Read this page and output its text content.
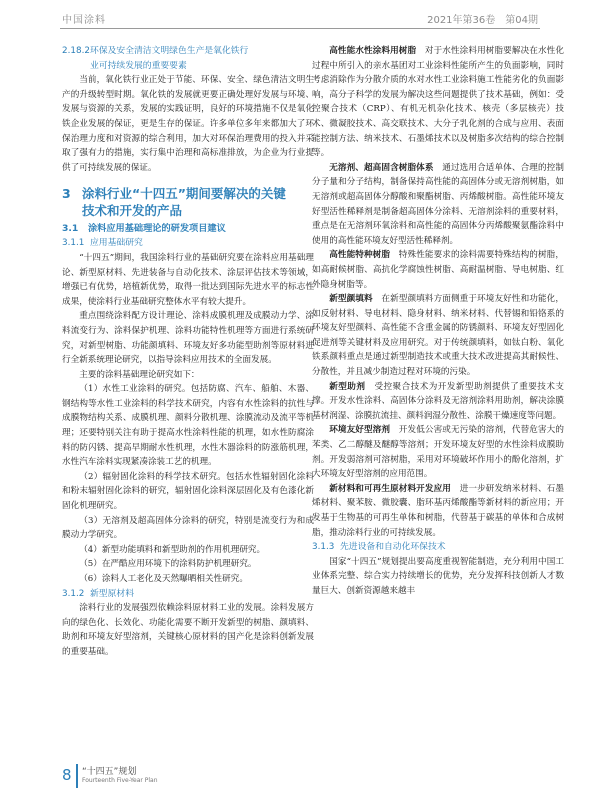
中国涂料	2021年第36卷　第04期
2.18.2环保及安全清洁文明绿色生产是氧化铁行
业可持续发展的重要要素

当前，氧化铁行业正处于节能、环保、安全、绿色清洁文明生产的升级转型时期。氧化铁的发展就更要正确处理好发展与环境、发展与资源的关系，发展的实践证明，良好的环境措施不仅是氧化铁企业发展的保证，更是生存的保证。许多单位多年来都加大了环保治理力度和对资源的综合利用，加大对环保治理费用的投入并采取了强有力的措施，实行集中治理和高标准排放，为企业为行业提供了可持续发展的保证。

3 涂料行业“十四五”期间要解决的关键
技术和开发的产品
3.1 涂料应用基础理论的研发项目建议
3.1.1 应用基础研究

“十四五”期间，我国涂料行业的基础研究要在涂料应用基础理论、新型原材料、先进装备与自动化技术、涂层评估技术等领域，增强已有优势，培植新优势，取得一批达到国际先进水平的标志性成果，使涂料行业基础研究整体水平有较大提升。

重点围绕涂料配方设计理论、涂料成膜机理及成膜动力学、涂料流变行为、涂料保护机理、涂料功能特性机理等方面进行系统研究，对新型树脂、功能颜填料、环境友好多功能型助剂等原材料进行全新系统理论研究，以指导涂料应用技术的全面发展。

主要的涂料基础理论研究如下：

（1）水性工业涂料的研究。包括防腐、汽车、船舶、木器、钢结构等水性工业涂料的科学技术研究，内容有水性涂料的抗性与成膜物结构关系、成膜机理、颜料分散机理、涂膜流动及流平等机理；还要特别关注有助于提高水性涂料性能的机理，如水性防腐涂料的防闪锈、提高早期耐水性机理，水性木器涂料的防涨筋机理，水性汽车涂料实现紧凑涂装工艺的机理。

（2）辐射固化涂料的科学技术研究。包括水性辐射固化涂料和粉末辐射固化涂料的研究，辐射固化涂料深层固化及有色漆化新固化机理研究。

（3）无溶剂及超高固体分涂料的研究，特别是流变行为和成膜动力学研究。

（4）新型功能填料和新型助剂的作用机理研究。

（5）在严酷应用环境下的涂料防护机理研究。

（6）涂料人工老化及天然曝晒相关性研究。

3.1.2 新型原材料

涂料行业的发展强烈依赖涂料原材料工业的发展。涂料发展方向的绿色化、长效化、功能化需要不断开发新型的树脂、颜填料、助剂和环境友好型溶剂，关键核心原材料的国产化是涂料创新发展的重要基础。

高性能水性涂料用树脂　 对于水性涂料用树脂要解决在水性化过程中所引入的亲水基团对工业涂料性能所产生的负面影响，同时考虑消除作为分散介质的水对水性工业涂料施工性能劣化的负面影响，高分子科学的发展为解决这些问题提供了技术基础，例如：受控聚合技术（CRP）、有机无机杂化技术、核壳（多层核壳）技术、微凝胶技术、高交联技术、大分子乳化剂的合成与应用、表面能控制方法、纳米技术、石墨烯技术以及树脂多次结构的综合控制等。

无溶剂、超高固含树脂体系　 通过选用合适单体、合理的控制分子量和分子结构，制备保持高性能的高固体分或无溶剂树脂，如无溶剂或超高固体分醇酸和聚酯树脂、丙烯酸树脂。高性能环境友好型活性稀释剂是制备超高固体分涂料、无溶剂涂料的重要材料，重点是在无溶剂环氧涂料和高性能的高固体分丙烯酸聚氨酯涂料中使用的高性能环境友好型活性稀释剂。

高性能特种树脂　 特殊性能要求的涂料需要特殊结构的树脂，如高耐候树脂、高抗化学腐蚀性树脂、高耐温树脂、导电树脂、红外隐身树脂等。

新型颜填料　 在新型颜填料方面侧重于环境友好性和功能化，如反射材料、导电材料、隐身材料、纳米材料、代替锡和铅铬系的环境友好型颜料、高性能不含重金属的防锈颜料、环境友好型固化促进剂等关键材料及应用研究。对于传统颜填料，如钛白粉、氧化铁系颜料重点是通过新型制造技术或重大技术改进提高其耐候性、分散性，并且减少制造过程对环境的污染。

新型助剂　 受控聚合技术为开发新型助剂提供了重要技术支撑。开发水性涂料、高固体分涂料及无溶剂涂料用助剂，解决涂膜基材润湿、涂膜抗流挂、颜料润湿分散性、涂膜干燥速度等问题。

环境友好型溶剂　 开发低公害或无污染的溶剂，代替危害大的苯类、乙二醇醚及醚醇等溶剂；开发环境友好型的水性涂料成膜助剂。开发弱溶剂可溶树脂，采用对环境破坏作用小的酚化溶剂，扩大环境友好型溶剂的应用范围。

新材料和可再生原材料开发应用　 进一步研发纳米材料、石墨烯材料、聚苯胺、微胶囊、脂环基丙烯酸酯等新材料的新应用；开发基于生物基的可再生单体和树脂，代替基于碳基的单体和合成树脂，推动涂料行业的可持续发展。

3.1.3 先进设备和自动化环保技术

国家“十四五”规划提出要高度重视智能制造，充分利用中国工业体系完整、综合实力持续增长的优势，充分发挥科技创新人才数量巨大、创新资源越来越丰

8 “十四五”规划
Fourteenth Five-Year Plan
